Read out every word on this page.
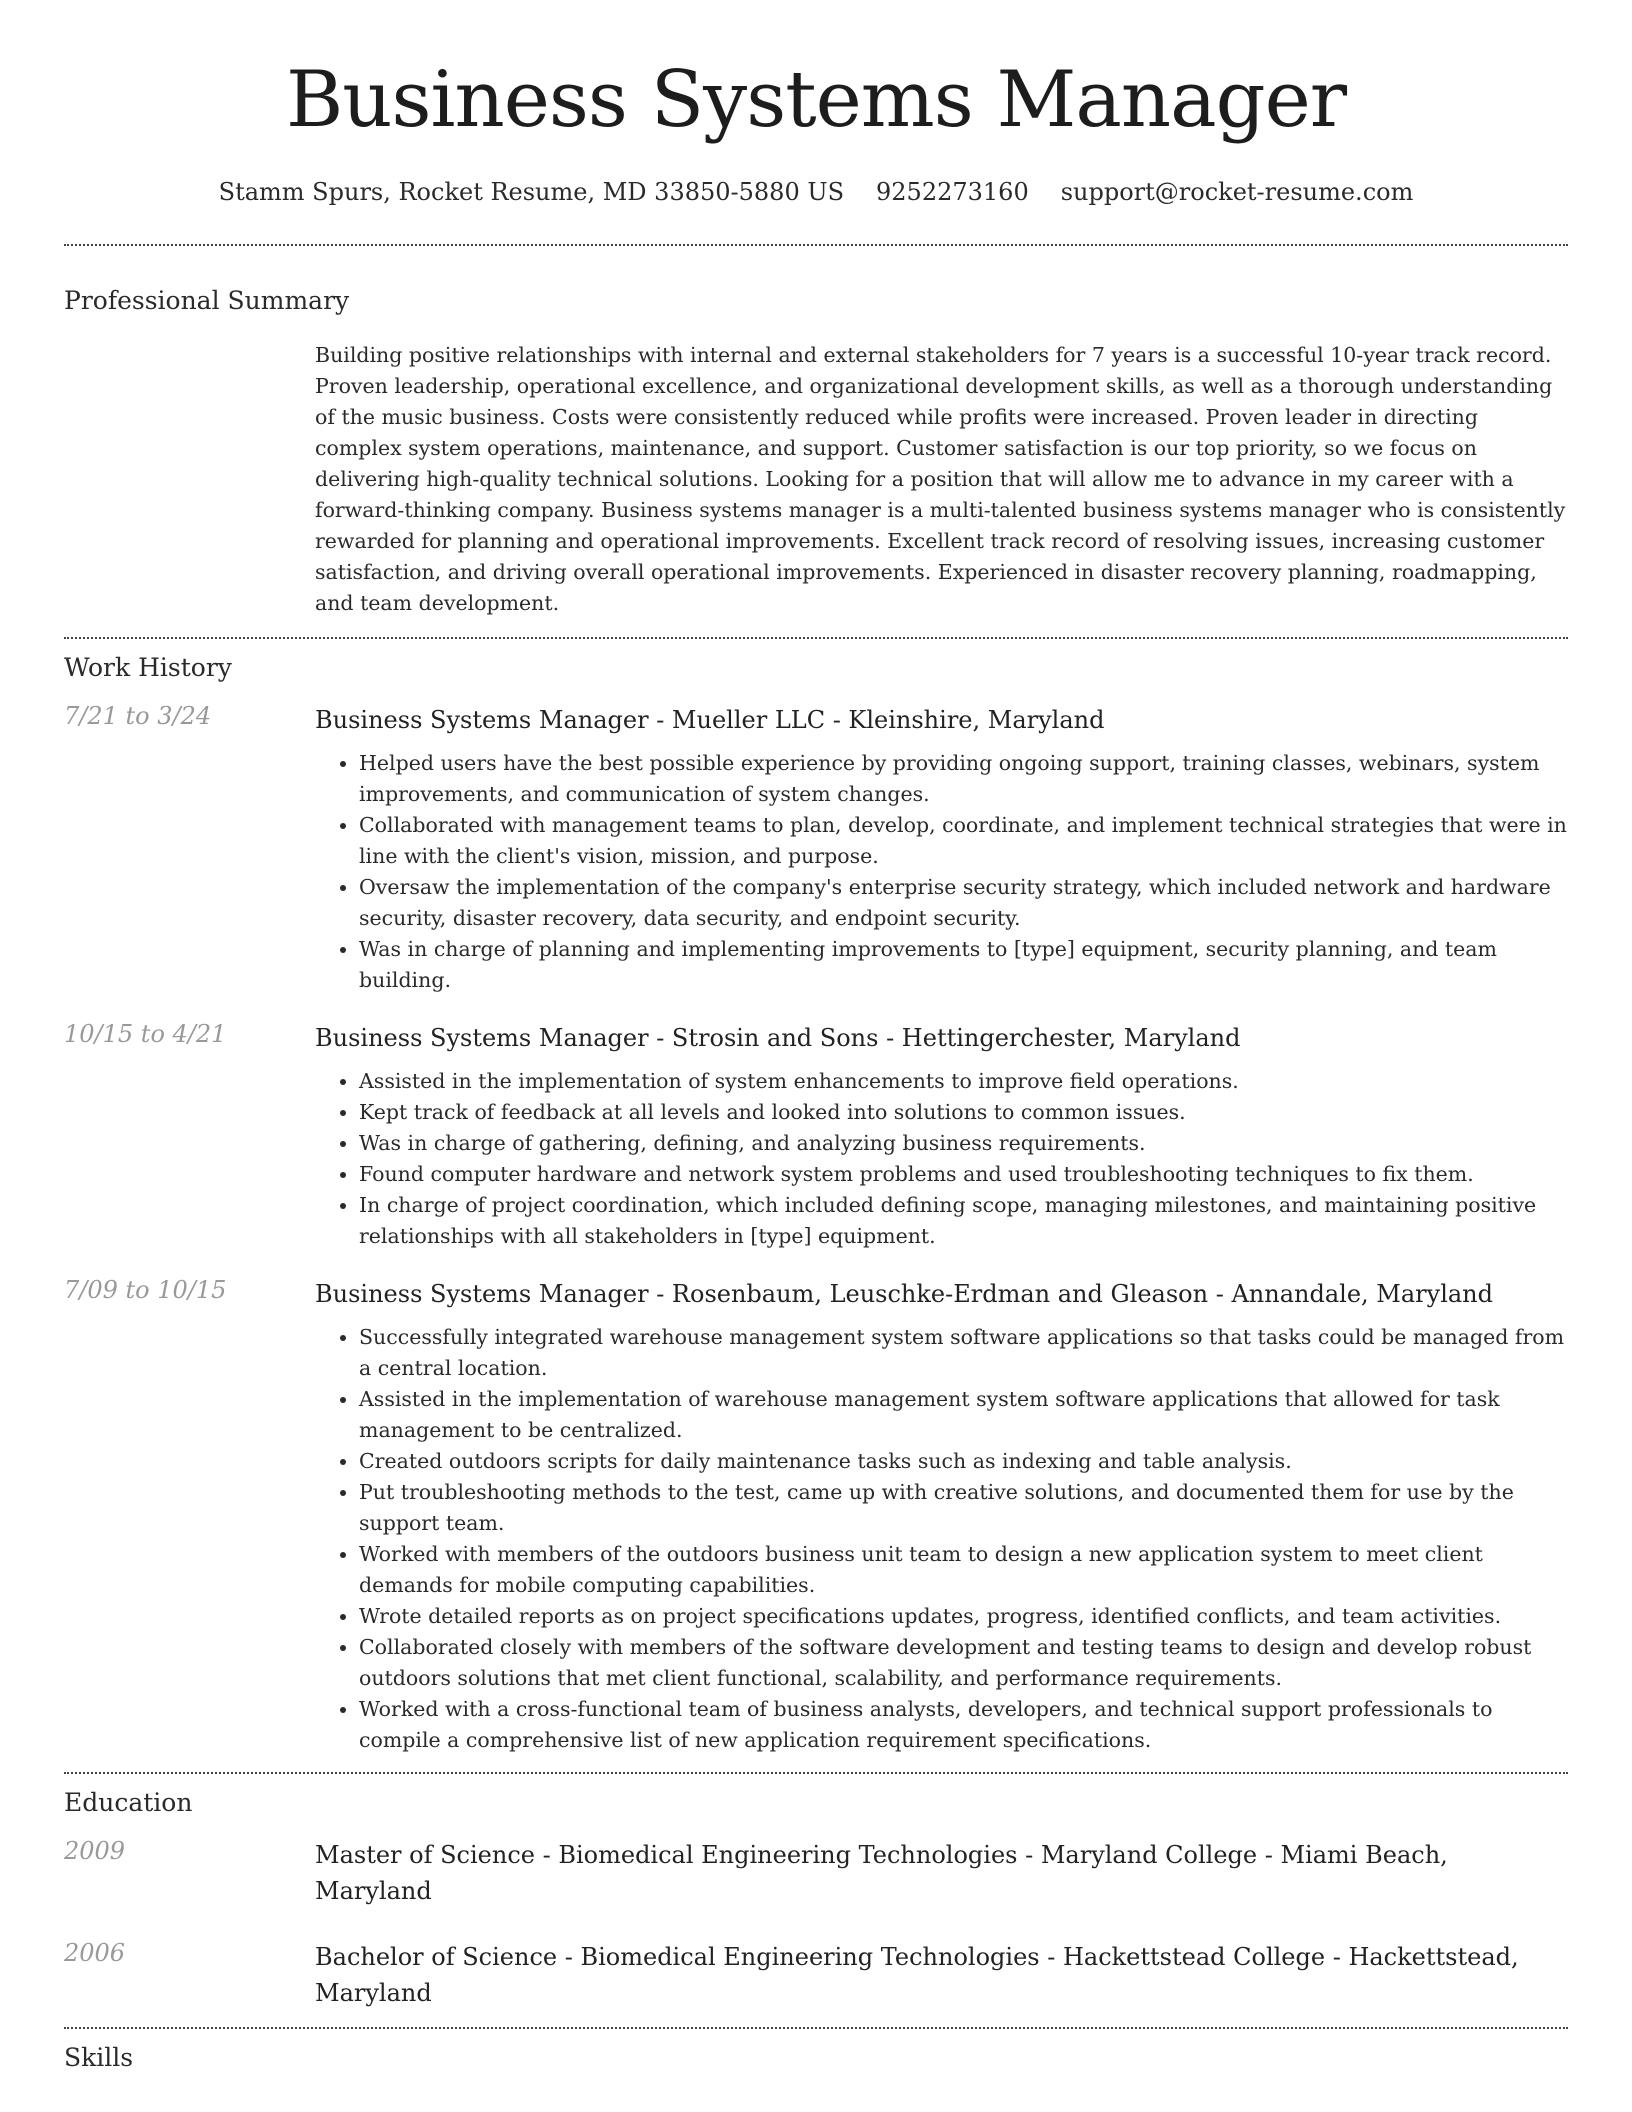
Business Systems Manager
Stamm Spurs, Rocket Resume, MD 33850-5880 US 9252273160 support@rocket-resume.com
Professional Summary

Building positive relationships with internal and external stakeholders for 7 years is a successful 10-year track record. Proven leadership, operational excellence, and organizational development skills, as well as a thorough understanding of the music business. Costs were consistently reduced while profits were increased. Proven leader in directing complex system operations, maintenance, and support. Customer satisfaction is our top priority, so we focus on delivering high-quality technical solutions. Looking for a position that will allow me to advance in my career with a forward-thinking company. Business systems manager is a multi-talented business systems manager who is consistently rewarded for planning and operational improvements. Excellent track record of resolving issues, increasing customer satisfaction, and driving overall operational improvements. Experienced in disaster recovery planning, roadmapping, and team development.

Work History
7/21 to 3/24	Business Systems Manager - Mueller LLC - Kleinshire, Maryland
• Helped users have the best possible experience by providing ongoing support, training classes, webinars, system improvements, and communication of system changes.
• Collaborated with management teams to plan, develop, coordinate, and implement technical strategies that were in line with the client's vision, mission, and purpose.
• Oversaw the implementation of the company's enterprise security strategy, which included network and hardware security, disaster recovery, data security, and endpoint security.
• Was in charge of planning and implementing improvements to [type] equipment, security planning, and team building.
10/15 to 4/21	Business Systems Manager - Strosin and Sons - Hettingerchester, Maryland
• Assisted in the implementation of system enhancements to improve field operations.
• Kept track of feedback at all levels and looked into solutions to common issues.
• Was in charge of gathering, defining, and analyzing business requirements.
• Found computer hardware and network system problems and used troubleshooting techniques to fix them.
• In charge of project coordination, which included defining scope, managing milestones, and maintaining positive relationships with all stakeholders in [type] equipment.
7/09 to 10/15	Business Systems Manager - Rosenbaum, Leuschke-Erdman and Gleason - Annandale, Maryland
• Successfully integrated warehouse management system software applications so that tasks could be managed from a central location.
• Assisted in the implementation of warehouse management system software applications that allowed for task management to be centralized.
• Created outdoors scripts for daily maintenance tasks such as indexing and table analysis.
• Put troubleshooting methods to the test, came up with creative solutions, and documented them for use by the support team.
• Worked with members of the outdoors business unit team to design a new application system to meet client demands for mobile computing capabilities.
• Wrote detailed reports as on project specifications updates, progress, identified conflicts, and team activities.
• Collaborated closely with members of the software development and testing teams to design and develop robust outdoors solutions that met client functional, scalability, and performance requirements.
• Worked with a cross-functional team of business analysts, developers, and technical support professionals to compile a comprehensive list of new application requirement specifications.
Education
2009	Master of Science - Biomedical Engineering Technologies - Maryland College - Miami Beach, Maryland
2006	Bachelor of Science - Biomedical Engineering Technologies - Hackettstead College - Hackettstead, Maryland
Skills
